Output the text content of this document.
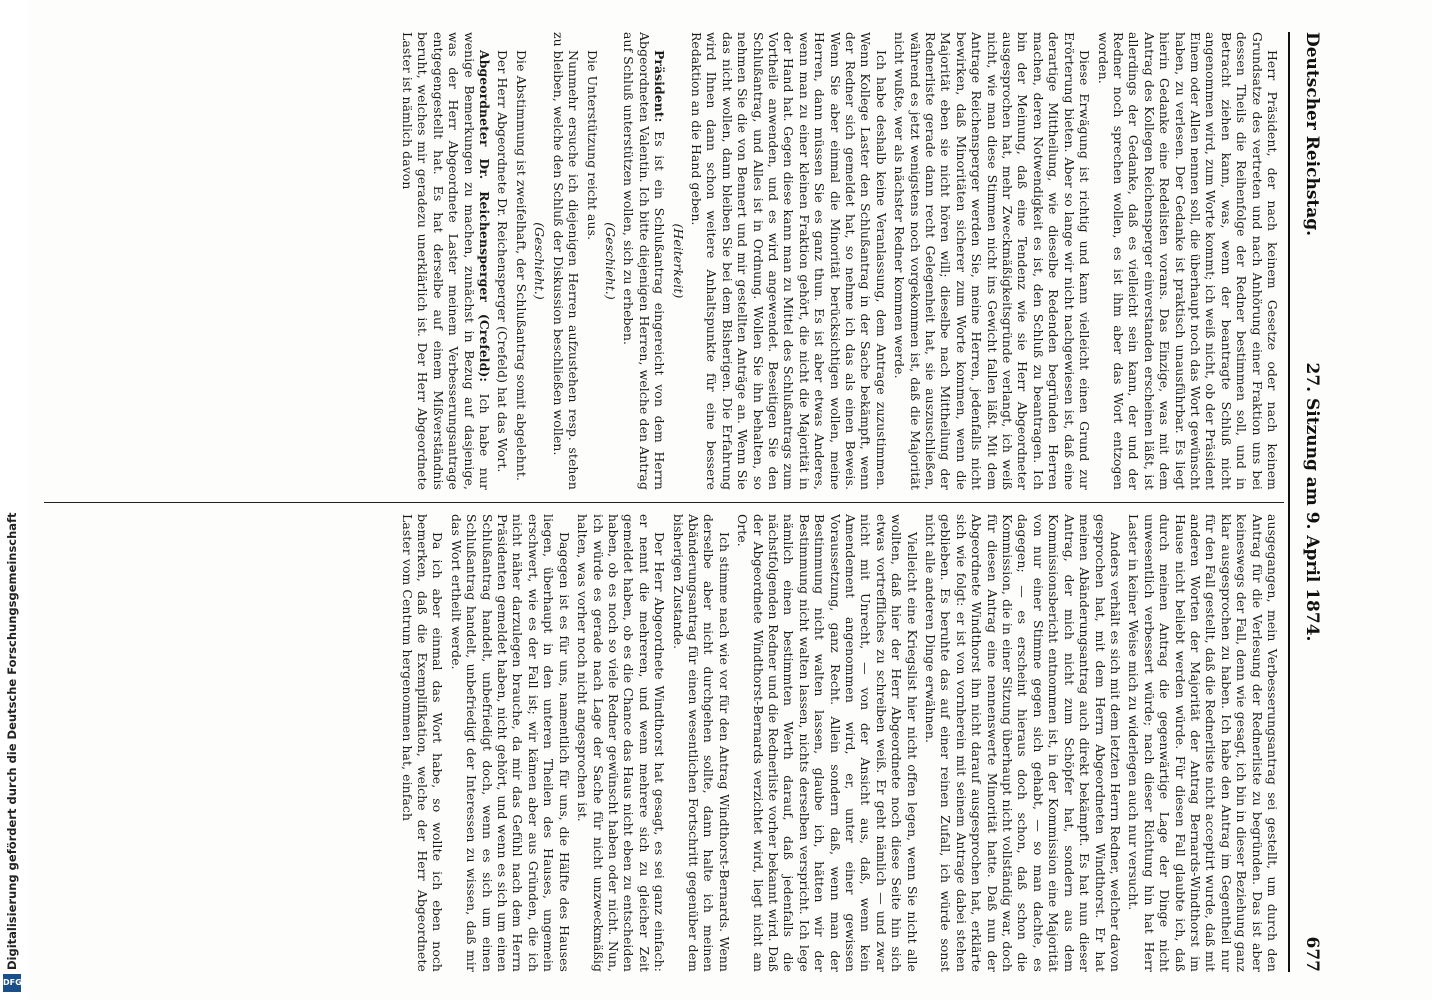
DFG
Digitalisierung gefördert durch die Deutsche Forschungsgemeinschaft
Deutscher Reichstag.
27. Sitzung am 9. April 1874.
677

Herr Präsident, der nach keinem Gesetze oder nach keinem Grundsatze des vertreten und nach Anhörung einer Fraktion uns bei dessen Theils die Reihenfolge der Redner bestimmen soll, und in Betracht ziehen kann, was, wenn der beantragte Schluß nicht angenommen wird, zum Worte kommt; ich weiß nicht, ob der Präsident Einem oder Allen nennen soll, die überhaupt noch das Wort gewünscht haben, zu verlesen. Der Gedanke ist praktisch unausführbar. Es liegt hierin Gedanke eine Redelisten vorans. Das Einzige, was mit dem Antrag des Kollegen Reichensperger einverstanden erscheinen läßt, ist allerdings der Gedanke, daß es vielleicht sein kann, der und der Redner noch sprechen wollen, es ist ihm aber das Wort entzogen worden.

Diese Erwägung ist richtig und kann vielleicht einen Grund zur Erörterung bieten. Aber so lange wir nicht nachgewiesen ist, daß eine derartige Mittheilung, wie dieselbe Redenden begründen Herren machen, deren Notwendigkeit es ist, den Schluß zu beantragen. Ich bin der Meinung, daß eine Tendenz wie sie Herr Abgeordneter ausgesprochen hat, mehr Zweckmäßigkeitsgründe verlangt, ich weiß nicht, wie man diese Stimmen nicht ins Gewicht fallen läßt. Mit dem Antrage Reichensperger werden Sie, meine Herren, jedenfalls nicht bewirken, daß Minoritäten sicherer zum Worte kommen, wenn die Majorität eben sie nicht hören will; dieselbe nach Mittheilung der Rednerliste gerade dann recht Gelegenheit hat, sie auszuschließen, während es jetzt wenigstens noch vorgekommen ist, daß die Majorität nicht wußte, wer als nächster Redner kommen werde.

Ich habe deshalb keine Veranlassung, dem Antrage zuzustimmen. Wenn Kollege Laster den Schlußantrag in der Sache bekämpft, wenn der Redner sich gemeldet hat, so nehme ich das als einen Beweis. Wenn Sie aber einmal die Minorität berücksichtigen wollen, meine Herren, dann müssen Sie es ganz thun. Es ist aber etwas Anderes, wenn man zu einer kleinen Fraktion gehört, die nicht die Majorität in der Hand hat. Gegen diese kann man zu Mittel des Schlußantrags zum Vortheile anwenden, und es wird angewendet. Beseitigen Sie den Schlußantrag, und Alles ist in Ordnung. Wollen Sie ihn behalten, so nehmen Sie die von Bennert und mir gestellten Anträge an. Wenn Sie das nicht wollen, dann bleiben Sie bei dem Bisherigen. Die Erfahrung wird Ihnen dann schon weitere Anhaltspunkte für eine bessere Redaktion an die Hand geben.

(Heiterkeit)

Präsident: Es ist ein Schlußantrag eingereicht von dem Herrn Abgeordneten Valentin. Ich bitte diejenigen Herren, welche den Antrag auf Schluß unterstützen wollen, sich zu erheben.

(Geschieht.)

Die Unterstützung reicht aus.

Nunmehr ersuche ich diejenigen Herren aufzustehen resp. stehen zu bleiben, welche den Schluß der Diskussion beschließen wollen.

(Geschieht.)

Die Abstimmung ist zweifelhaft, der Schlußantrag somit abgelehnt.

Der Herr Abgeordnete Dr. Reichensperger (Crefeld) hat das Wort.

Abgeordneter Dr. Reichensperger (Crefeld): Ich habe nur wenige Bemerkungen zu machen, zunächst in Bezug auf dasjenige, was der Herr Abgeordnete Laster meinem Verbesserungsantrage entgegengestellt hat. Es hat derselbe auf einem Mißverständnis beruht, welches mir geradezu unerklärlich ist. Der Herr Abgeordnete Laster ist nämlich davon

ausgegangen, mein Verbesserungsantrag sei gestellt, um durch den Antrag für die Verlesung der Rednerliste zu begründen. Das ist aber keineswegs der Fall, denn wie gesagt, ich bin in dieser Beziehung ganz klar ausgesprochen zu haben. Ich habe den Antrag im Gegentheil nur für den Fall gestellt, daß die Rednerliste nicht acceptirt wurde, daß mit anderen Worten der Majorität der Antrag Bernards-Windthorst im Hause nicht beliebt werden würde. Für diesen Fall glaubte ich, daß durch meinen Antrag die gegenwärtige Lage der Dinge nicht unwesentlich verbessert würde; nach dieser Richtung hin hat Herr Laster in keiner Weise mich zu widerlegen auch nur versucht.

Anders verhält es sich mit dem letzten Herrn Redner, welcher davon gesprochen hat, mit dem Herrn Abgeordneten Windthorst. Er hat meinen Abänderungsantrag auch direkt bekämpft. Es hat nun dieser Antrag, der mich nicht zum Schöpfer hat, sondern aus dem Kommissionsbericht entnommen ist, in der Kommission eine Majorität von nur einer Stimme gegen sich gehabt, — so man dachte, es dagegen; — es erscheint hieraus doch schon, daß schon die Kommission, die in einer Sitzung überhaupt nicht vollständig war, doch für diesen Antrag eine nennenswerte Minorität hatte. Daß nun der Abgeordnete Windthorst ihn nicht darauf ausgesprochen hat, erklärte sich wie folgt: er ist von vornherein mit seinem Antrage dabei stehen geblieben. Es beruhte das auf einer reinen Zufall, ich würde sonst nicht alle anderen Dinge erwähnen.

Vielleicht eine Kriegslist hier nicht offen legen, wenn Sie nicht alle wollten, daß hier der Herr Abgeordnete noch diese Seite hin sich etwas vortreffliches zu schreiben weiß. Er geht nämlich — und zwar nicht mit Unrecht, — von der Ansicht aus, daß, wenn kein Amendement angenommen wird, er, unter einer gewissen Voraussetzung, ganz Recht. Allein sondern daß, wenn man der Bestimmung nicht walten lassen, glaube ich, hätten wir der Bestimmung nicht walten lassen, nichts derselben verspricht. Ich lege nämlich einen bestimmten Werth darauf, daß jedenfalls die nächstfolgenden Redner und die Rednerliste vorher bekannt wird. Daß der Abgeordnete Windthorst-Bernards verzichtet wird, liegt nicht am Orte.

Ich stimme nach wie vor für den Antrag Windthorst-Bernards. Wenn derselbe aber nicht durchgehen sollte, dann halte ich meinen Abänderungsantrag für einen wesentlichen Fortschritt gegenüber dem bisherigen Zustande.

Der Herr Abgeordnete Windthorst hat gesagt, es sei ganz einfach: er nennt die mehreren, und wenn mehrere sich zu gleicher Zeit gemeldet haben, ob es die Chance das Haus nicht eben zu entscheiden haben, ob es noch so viele Redner gewünscht haben oder nicht. Nun, ich würde es gerade nach Lage der Sache für nicht unzweckmäßig halten, was vorher noch nicht angesprochen ist.

Dagegen ist es für uns, namentlich für uns, die Hälfte des Hauses liegen, überhaupt in den unteren Theilen des Hauses, ungemein erschwert, wie es der Fall ist; wir kämen aber aus Gründen, die ich nicht näher darzulegen brauche, da mir das Gefühl nach dem Herrn Präsidenten gemeldet haben, nicht gehört, und wenn es sich um einen Schlußantrag handelt, unbefriedigt doch, wenn es sich um einen Schlußantrag handelt, unbefriedigt der Interessen zu wissen, daß mir das Wort ertheilt werde.

Da ich aber einmal das Wort habe, so wollte ich eben noch bemerken, daß die Exemplifikation, welche der Herr Abgeordnete Laster vom Centrum hergenommen hat, einfach
